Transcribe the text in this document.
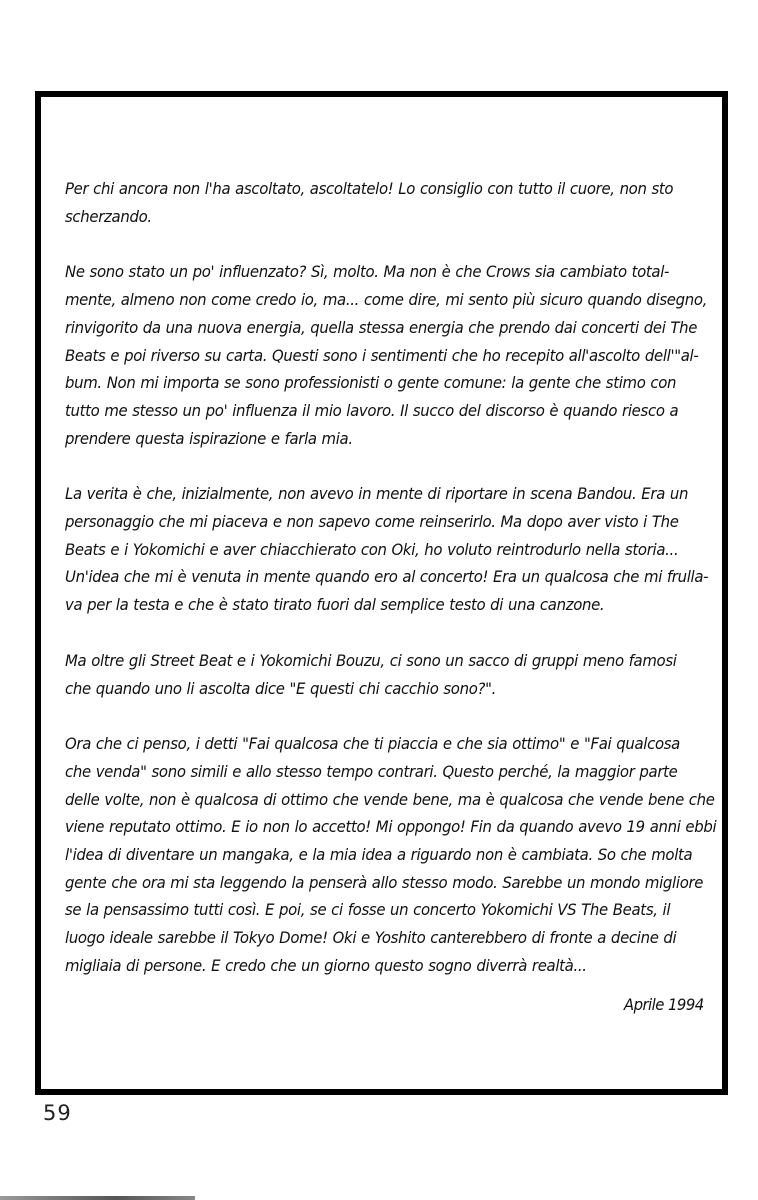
Per chi ancora non l'ha ascoltato, ascoltatelo! Lo consiglio con tutto il cuore, non sto
scherzando.

Ne sono stato un po' influenzato? Sì, molto. Ma non è che Crows sia cambiato total-
mente, almeno non come credo io, ma... come dire, mi sento più sicuro quando disegno,
rinvigorito da una nuova energia, quella stessa energia che prendo dai concerti dei The
Beats e poi riverso su carta. Questi sono i sentimenti che ho recepito all'ascolto dell'"al-
bum. Non mi importa se sono professionisti o gente comune: la gente che stimo con
tutto me stesso un po' influenza il mio lavoro. Il succo del discorso è quando riesco a
prendere questa ispirazione e farla mia.

La verita è che, inizialmente, non avevo in mente di riportare in scena Bandou. Era un
personaggio che mi piaceva e non sapevo come reinserirlo. Ma dopo aver visto i The
Beats e i Yokomichi e aver chiacchierato con Oki, ho voluto reintrodurlo nella storia...
Un'idea che mi è venuta in mente quando ero al concerto! Era un qualcosa che mi frulla-
va per la testa e che è stato tirato fuori dal semplice testo di una canzone.

Ma oltre gli Street Beat e i Yokomichi Bouzu, ci sono un sacco di gruppi meno famosi
che quando uno li ascolta dice "E questi chi cacchio sono?".

Ora che ci penso, i detti "Fai qualcosa che ti piaccia e che sia ottimo" e "Fai qualcosa
che venda" sono simili e allo stesso tempo contrari. Questo perché, la maggior parte
delle volte, non è qualcosa di ottimo che vende bene, ma è qualcosa che vende bene che
viene reputato ottimo. E io non lo accetto! Mi oppongo! Fin da quando avevo 19 anni ebbi
l'idea di diventare un mangaka, e la mia idea a riguardo non è cambiata. So che molta
gente che ora mi sta leggendo la penserà allo stesso modo. Sarebbe un mondo migliore
se la pensassimo tutti così. E poi, se ci fosse un concerto Yokomichi VS The Beats, il
luogo ideale sarebbe il Tokyo Dome! Oki e Yoshito canterebbero di fronte a decine di
migliaia di persone. E credo che un giorno questo sogno diverrà realtà...

Aprile 1994
59
